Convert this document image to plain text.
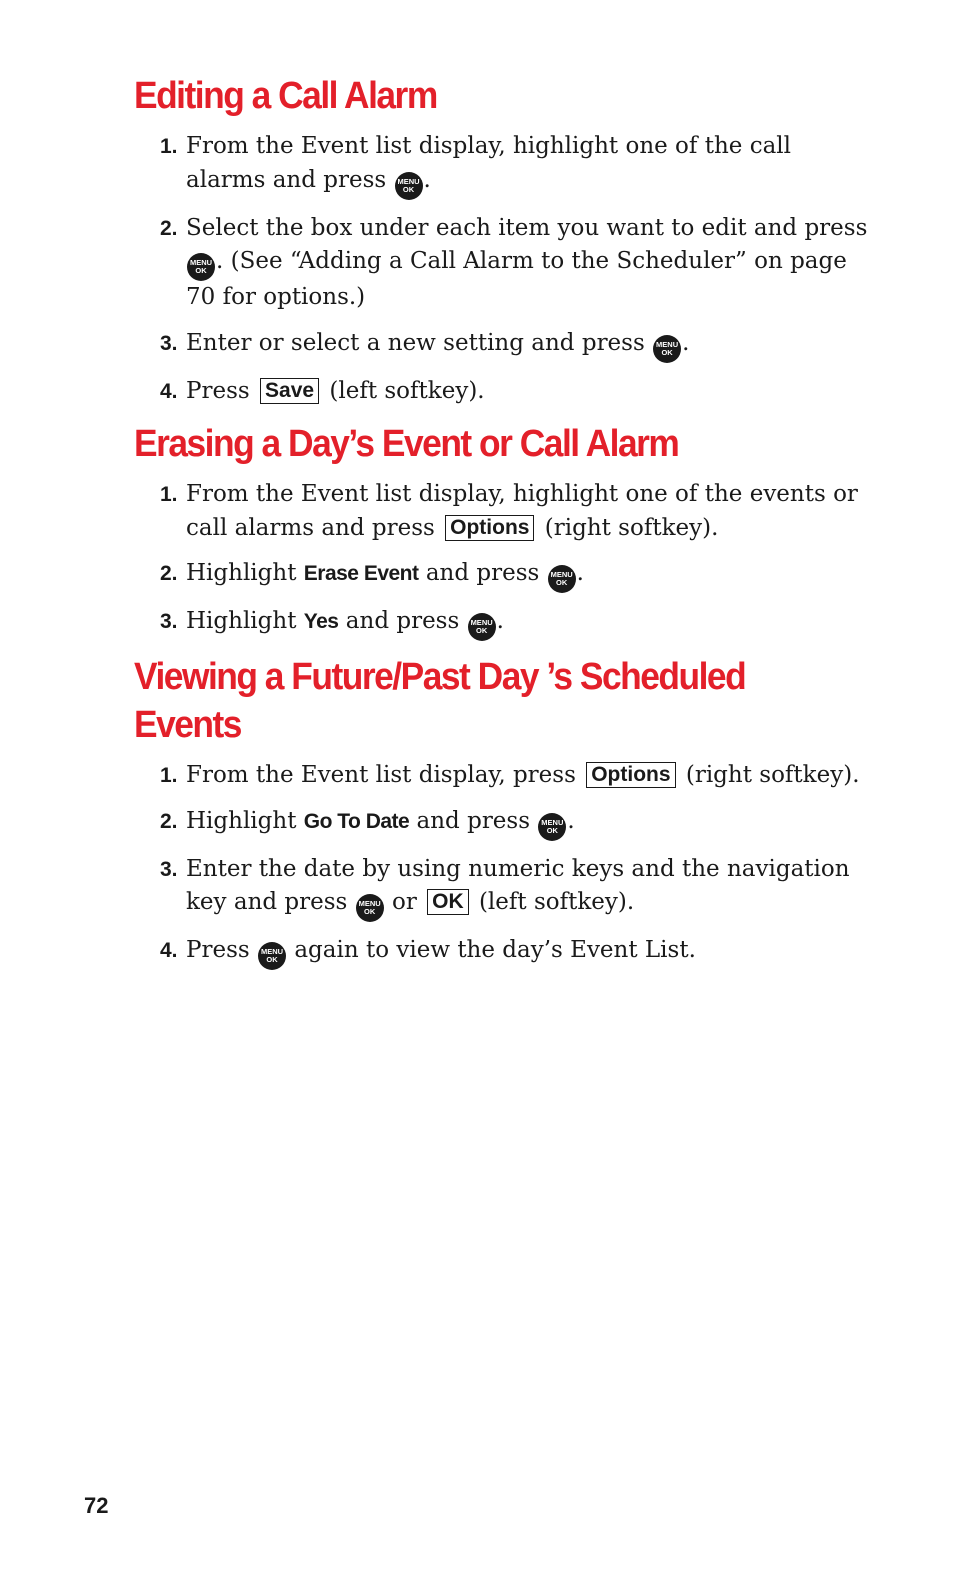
Editing a Call Alarm
1. From the Event list display, highlight one of the call alarms and press MENU
OK .
2. Select the box under each item you want to edit and press MENU
OK . (See “Adding a Call Alarm to the Scheduler” on page 70 for options.)
3. Enter or select a new setting and press MENU
OK .
4. Press Save (left softkey).
Erasing a Day’s Event or Call Alarm
1. From the Event list display, highlight one of the events or call alarms and press Options (right softkey).
2. Highlight Erase Event and press MENU
OK .
3. Highlight Yes and press MENU
OK .
Viewing a Future/Past Day ’s Scheduled Events
1. From the Event list display, press Options (right softkey).
2. Highlight Go To Date and press MENU
OK .
3. Enter the date by using numeric keys and the navigation key and press MENU
OK or OK (left softkey).
4. Press MENU
OK again to view the day’s Event List.
72
